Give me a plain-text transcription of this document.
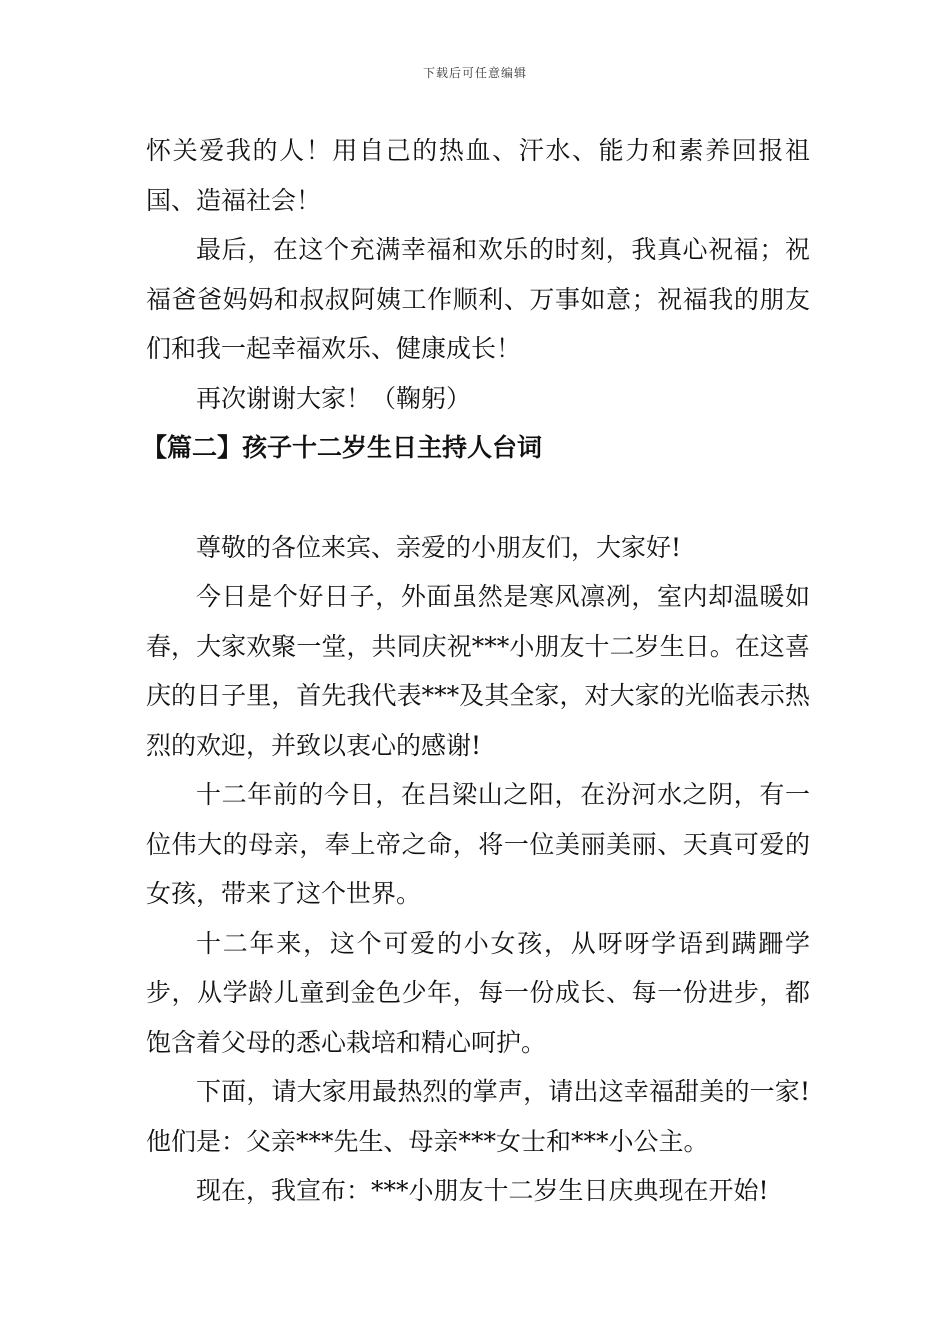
下载后可任意编辑

怀关爱我的人！用自己的热血、汗水、能力和素养回报祖国、造福社会！

最后，在这个充满幸福和欢乐的时刻，我真心祝福；祝福爸爸妈妈和叔叔阿姨工作顺利、万事如意；祝福我的朋友们和我一起幸福欢乐、健康成长！

再次谢谢大家！（鞠躬）

【篇二】孩子十二岁生日主持人台词

尊敬的各位来宾、亲爱的小朋友们，大家好!

今日是个好日子，外面虽然是寒风凛冽，室内却温暖如春，大家欢聚一堂，共同庆祝***小朋友十二岁生日。在这喜庆的日子里，首先我代表***及其全家，对大家的光临表示热烈的欢迎，并致以衷心的感谢!

十二年前的今日，在吕梁山之阳，在汾河水之阴，有一位伟大的母亲，奉上帝之命，将一位美丽美丽、天真可爱的女孩，带来了这个世界。

十二年来，这个可爱的小女孩，从呀呀学语到蹒跚学步，从学龄儿童到金色少年，每一份成长、每一份进步，都饱含着父母的悉心栽培和精心呵护。

下面，请大家用最热烈的掌声，请出这幸福甜美的一家!他们是：父亲***先生、母亲***女士和***小公主。

现在，我宣布：***小朋友十二岁生日庆典现在开始!
